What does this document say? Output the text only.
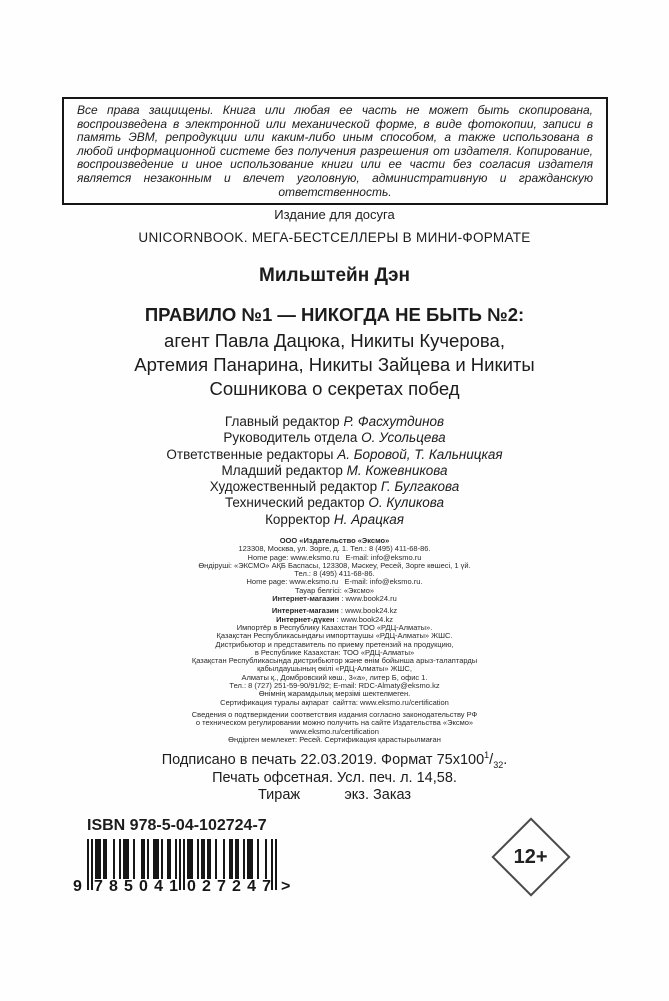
Все права защищены. Книга или любая ее часть не может быть скопирована, воспроизведена в электронной или механической форме, в виде фотокопии, записи в память ЭВМ, репродукции или каким-либо иным способом, а также использована в любой информационной системе без получения разрешения от издателя. Копирование, воспроизведение и иное использование книги или ее части без согласия издателя является незаконным и влечет уголовную, административную и гражданскую ответственность.
Издание для досуга
UNICORNBOOK. МЕГА-БЕСТСЕЛЛЕРЫ В МИНИ-ФОРМАТЕ
Мильштейн Дэн
ПРАВИЛО №1 — НИКОГДА НЕ БЫТЬ №2:
агент Павла Дацюка, Никиты Кучерова,
Артемия Панарина, Никиты Зайцева и Никиты
Сошникова о секретах побед
Главный редактор Р. Фасхутдинов
Руководитель отдела О. Усольцева
Ответственные редакторы А. Боровой, Т. Кальницкая
Младший редактор М. Кожевникова
Художественный редактор Г. Булгакова
Технический редактор О. Куликова
Корректор Н. Арацкая
ООО «Издательство «Эксмо»
123308, Москва, ул. Зорге, д. 1. Тел.: 8 (495) 411-68-86.
Home page: www.eksmo.ru   E-mail: info@eksmo.ru
Өндіруші: «ЭКСМО» АҚБ Баспасы, 123308, Мәскеу, Ресей, Зорге көшесі, 1 үй.
Тел.: 8 (495) 411-68-86.
Home page: www.eksmo.ru   E-mail: info@eksmo.ru.
Тауар белгісі: «Эксмо»
Интернет-магазин : www.book24.ru
Интернет-магазин : www.book24.kz
Интернет-дүкен : www.book24.kz
Импортёр в Республику Казахстан ТОО «РДЦ-Алматы».
Қазақстан Республикасындағы импорттаушы «РДЦ-Алматы» ЖШС.
Дистрибьютор и представитель по приему претензий на продукцию,
в Республике Казахстан: ТОО «РДЦ-Алматы»
Қазақстан Республикасында дистрибьютор және өнім бойынша арыз-талаптарды
қабылдаушының өкілі «РДЦ-Алматы» ЖШС,
Алматы қ., Домбровский көш., 3«а», литер Б, офис 1.
Тел.: 8 (727) 251-59-90/91/92; E-mail: RDC-Almaty@eksmo.kz
Өнімнің жарамдылық мерзімі шектелмеген.
Сертификация туралы ақпарат  сайтта: www.eksmo.ru/certification
Сведения о подтверждении соответствия издания согласно законодательству РФ
о техническом регулировании можно получить на сайте Издательства «Эксмо»
www.eksmo.ru/certification
Өндірген мемлекет: Ресей. Сертификация қарастырылмаған
Подписано в печать 22.03.2019. Формат $75x100^1/_{32}$.
Печать офсетная. Усл. печ. л. 14,58.
Тираж           экз. Заказ
ISBN 978-5-04-102724-7
9 7 8 5 0 4 1 0 2 7 2 4 7 >
12+
